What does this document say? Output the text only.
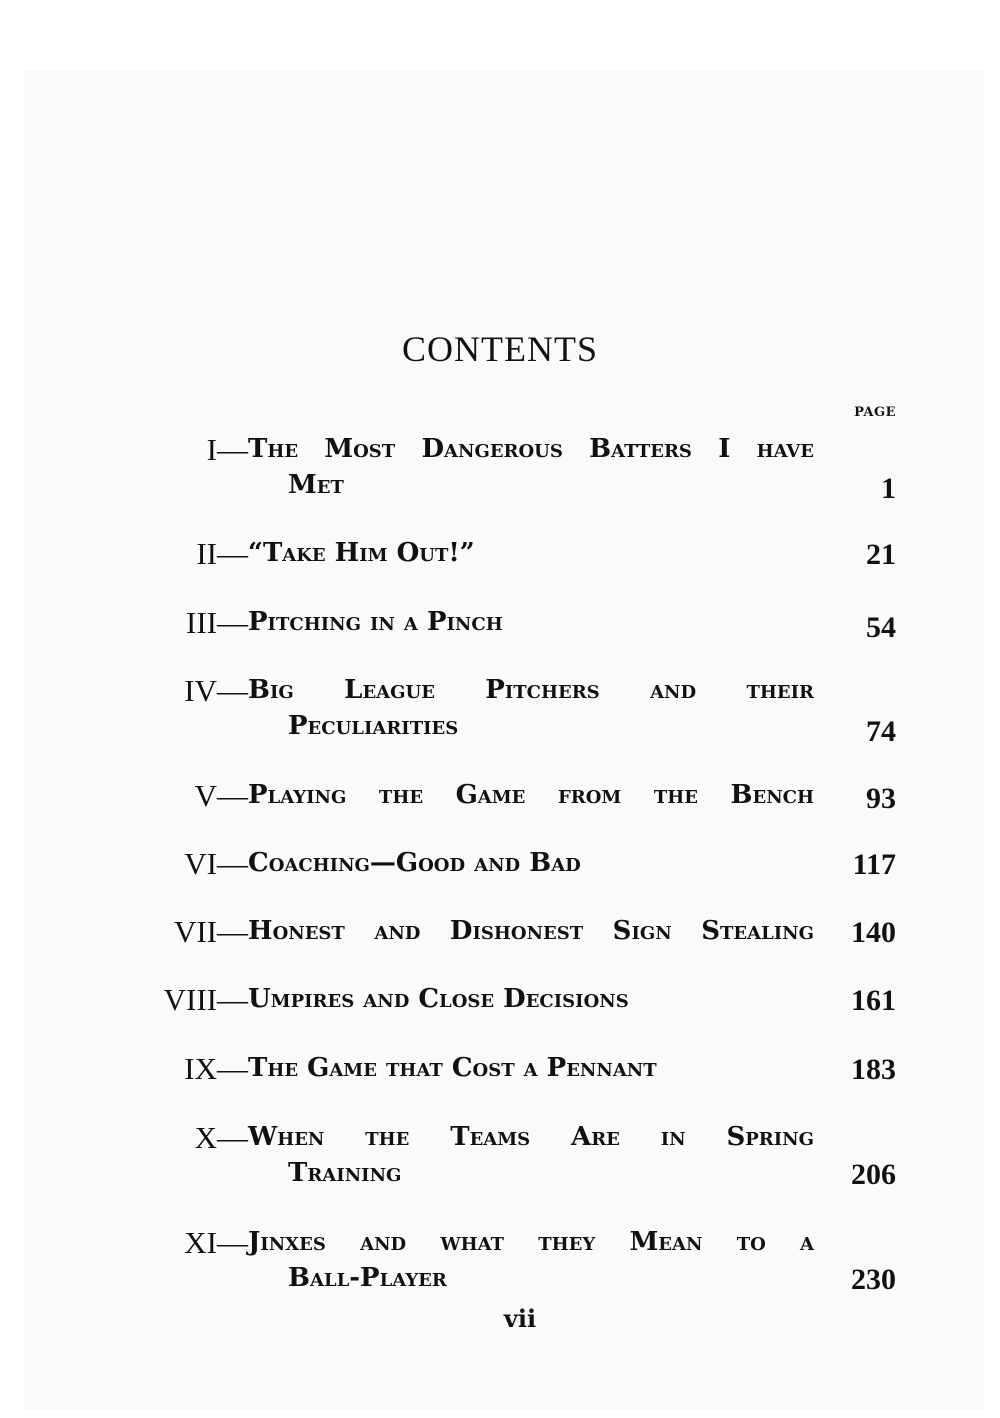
CONTENTS
PAGE
I— The Most Dangerous Batters I have
Met	1
II— “Take Him Out!”	21
III— Pitching in a Pinch	54
IV— Big League Pitchers and their
Peculiarities	74
V— Playing the Game from the Bench 93
VI— Coaching—Good and Bad	117
VII— Honest and Dishonest Sign Stealing 140
VIII— Umpires and Close Decisions	161
IX— The Game that Cost a Pennant	183
X— When the Teams Are in Spring
Training	206
XI— Jinxes and what they Mean to a
Ball-Player	230
vii
